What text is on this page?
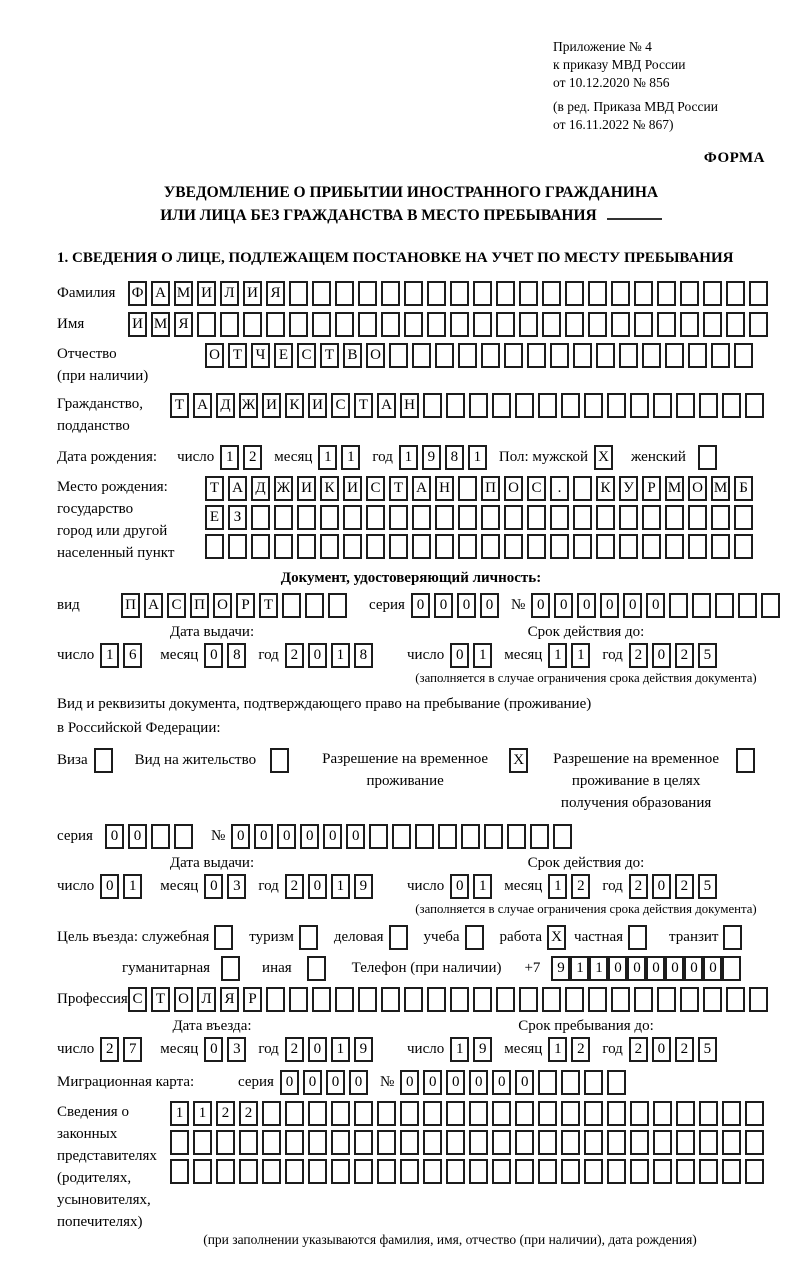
Приложение № 4
к приказу МВД России
от 10.12.2020 № 856
(в ред. Приказа МВД России
от 16.11.2022 № 867)
ФОРМА
УВЕДОМЛЕНИЕ О ПРИБЫТИИ ИНОСТРАННОГО ГРАЖДАНИНА
ИЛИ ЛИЦА БЕЗ ГРАЖДАНСТВА В МЕСТО ПРЕБЫВАНИЯ
1. СВЕДЕНИЯ О ЛИЦЕ, ПОДЛЕЖАЩЕМ ПОСТАНОВКЕ НА УЧЕТ ПО МЕСТУ ПРЕБЫВАНИЯ
Фамилия	Ф А М И Л И Я
Имя	И М Я
Отчество
(при наличии)
О Т Ч Е С Т В О
Гражданство,
подданство
Т А Д Ж И К И С Т А Н
Дата рождения: число 1	2	месяц 1	1	год 1	9	8	1	Пол: мужской X женский
Место рождения:
государство
город или другой
населенный пункт
Т А Д Ж И К И С Т А Н П О С	.	К У Р М О М Б
Е З
Документ, удостоверяющий личность:
вид	П А С П О Р Т	серия 0	0	0	0	№ 0	0	0	0	0	0
Дата выдачи:
число 1	6	месяц 0	8	год 2	0	1	8
Срок действия до:
число 0	1	месяц 1	1	год 2	0	2	5
(заполняется в случае ограничения срока действия документа)
Вид и реквизиты документа, подтверждающего право на пребывание (проживание)
в Российской Федерации:
Виза	Вид на жительство	Разрешение на временное
проживание
X	Разрешение на временное
проживание в целях
получения образования
серия	0	0	№ 0	0	0	0	0	0
Дата выдачи:
число 0	1	месяц 0	3	год 2	0	1	9
Срок действия до:
число 0	1	месяц 1	2	год 2	0	2	5
(заполняется в случае ограничения срока действия документа)
Цель въезда: служебная	туризм	деловая	учеба	работа X частная	транзит
гуманитарная	иная	Телефон (при наличии) +7	9 1 1 0 0 0 0 0 0
Профессия С Т О Л Я Р
Дата въезда:
число 2	7	месяц 0	3	год 2	0	1	9
Срок пребывания до:
число 1	9	месяц 1	2	год 2	0	2	5
Миграционная карта:	серия 0	0	0	0	№ 0	0	0	0	0	0
Сведения о
законных
представителях
(родителях,
усыновителях,
попечителях)
1	1	2	2
(при заполнении указываются фамилия, имя, отчество (при наличии), дата рождения)
